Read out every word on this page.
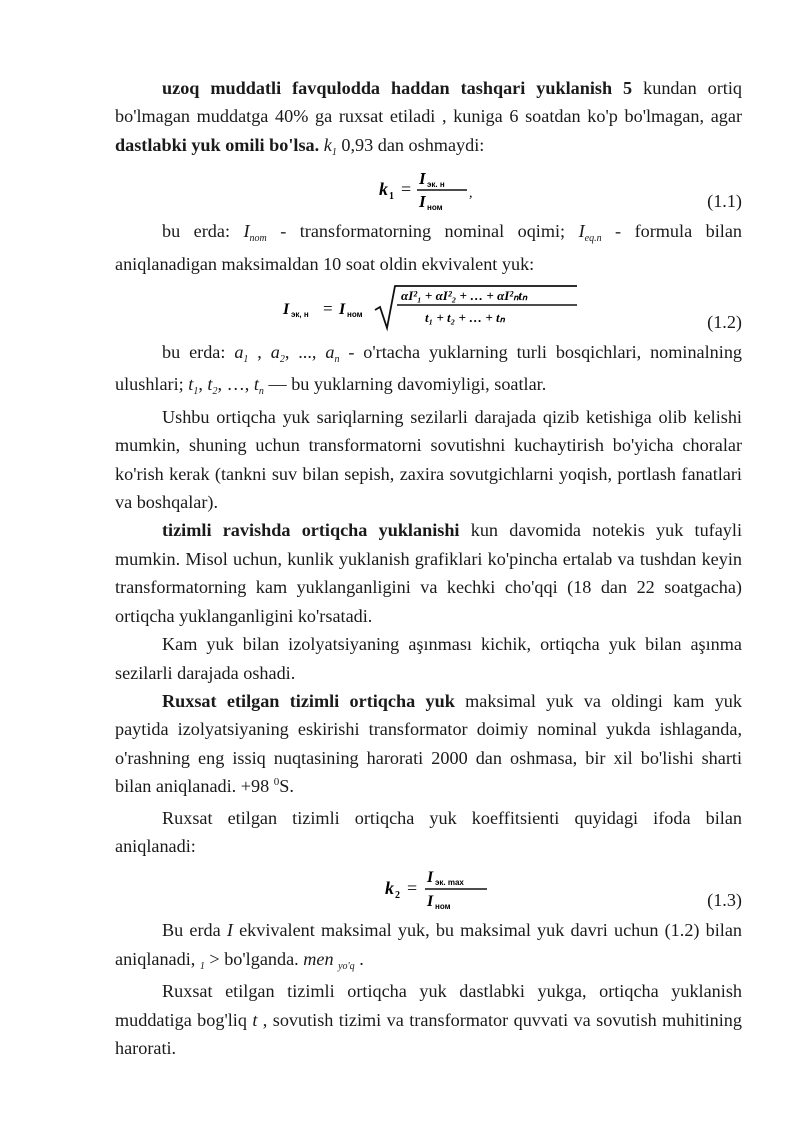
uzoq muddatli favqulodda haddan tashqari yuklanish 5 kundan ortiq bo'lmagan muddatga 40% ga ruxsat etiladi , kuniga 6 soatdan ko'p bo'lmagan, agar dastlabki yuk omili bo'lsa. $k_1$ 0,93 dan oshmaydi:

k 1 =
I эк. н
I ном
,	(1.1)

bu erda: $I_{nom}$ - transformatorning nominal oqimi; $I_{eq.n}$ - formula bilan aniqlanadigan maksimaldan 10 soat oldin ekvivalent yuk:

I эк, н = I ном
αI²₁ + αI²₂ + … + αI²ₙtₙ
t₁ + t₂ + … + tₙ	(1.2)

bu erda: $a_1$ , $a_2$, ..., $a_n$ - o'rtacha yuklarning turli bosqichlari, nominalning ulushlari; $t_1$, $t_2$, …, $t_n$ — bu yuklarning davomiyligi, soatlar.

Ushbu ortiqcha yuk sariqlarning sezilarli darajada qizib ketishiga olib kelishi mumkin, shuning uchun transformatorni sovutishni kuchaytirish bo'yicha choralar ko'rish kerak (tankni suv bilan sepish, zaxira sovutgichlarni yoqish, portlash fanatlari va boshqalar).

tizimli ravishda ortiqcha yuklanishi kun davomida notekis yuk tufayli mumkin. Misol uchun, kunlik yuklanish grafiklari ko'pincha ertalab va tushdan keyin transformatorning kam yuklanganligini va kechki cho'qqi (18 dan 22 soatgacha) ortiqcha yuklanganligini ko'rsatadi.

Kam yuk bilan izolyatsiyaning aşınması kichik, ortiqcha yuk bilan aşınma sezilarli darajada oshadi.

Ruxsat etilgan tizimli ortiqcha yuk maksimal yuk va oldingi kam yuk paytida izolyatsiyaning eskirishi transformator doimiy nominal yukda ishlaganda, o'rashning eng issiq nuqtasining harorati 2000 dan oshmasa, bir xil bo'lishi sharti bilan aniqlanadi. +98 $^0$S.

Ruxsat etilgan tizimli ortiqcha yuk koeffitsienti quyidagi ifoda bilan aniqlanadi:

k 2 =
I эк. max
I ном	(1.3)

Bu erda I ekvivalent maksimal yuk, bu maksimal yuk davri uchun (1.2) bilan aniqlanadi, $_1$ > bo'lganda. men $_{yo'q}$ .

Ruxsat etilgan tizimli ortiqcha yuk dastlabki yukga, ortiqcha yuklanish muddatiga bog'liq t , sovutish tizimi va transformator quvvati va sovutish muhitining harorati.
